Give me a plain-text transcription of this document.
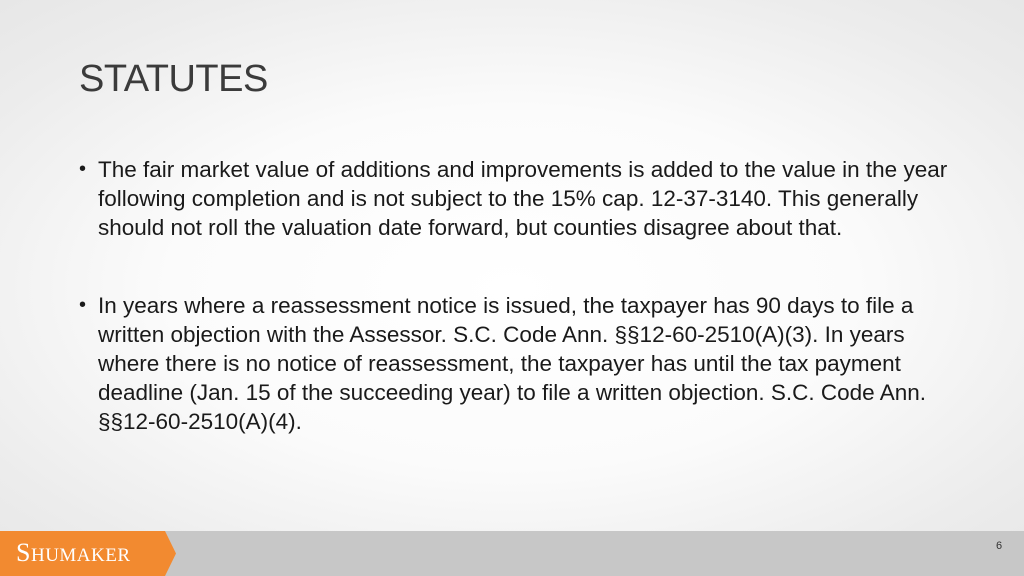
STATUTES
• The fair market value of additions and improvements is added to the value in the year following completion and is not subject to the 15% cap. 12-37-3140. This generally should not roll the valuation date forward, but counties disagree about that.
• In years where a reassessment notice is issued, the taxpayer has 90 days to file a written objection with the Assessor. S.C. Code Ann. §§12-60-2510(A)(3). In years where there is no notice of reassessment, the taxpayer has until the tax payment deadline (Jan. 15 of the succeeding year) to file a written objection. S.C. Code Ann. §§12-60-2510(A)(4).
SHUMAKER	6
